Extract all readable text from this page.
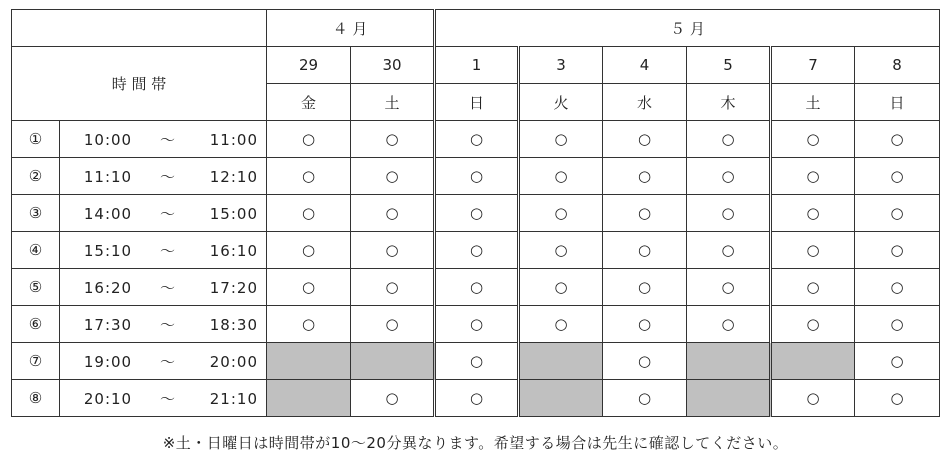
		４ 月		５ 月					
時 間 帯		29	30	1	3	4	5	7	8
		金	土	日	火	水	木	土	日
①	10:00 ～ 11:00	○	○	○	○	○	○	○	○
②	11:10 ～ 12:10	○	○	○	○	○	○	○	○
③	14:00 ～ 15:00	○	○	○	○	○	○	○	○
④	15:10 ～ 16:10	○	○	○	○	○	○	○	○
⑤	16:20 ～ 17:20	○	○	○	○	○	○	○	○
⑥	17:30 ～ 18:30	○	○	○	○	○	○	○	○
⑦	19:00 ～ 20:00			○		○			○
⑧	20:10 ～ 21:10		○	○		○		○	○
※土・日曜日は時間帯が10～20分異なります。希望する場合は先生に確認してください。
